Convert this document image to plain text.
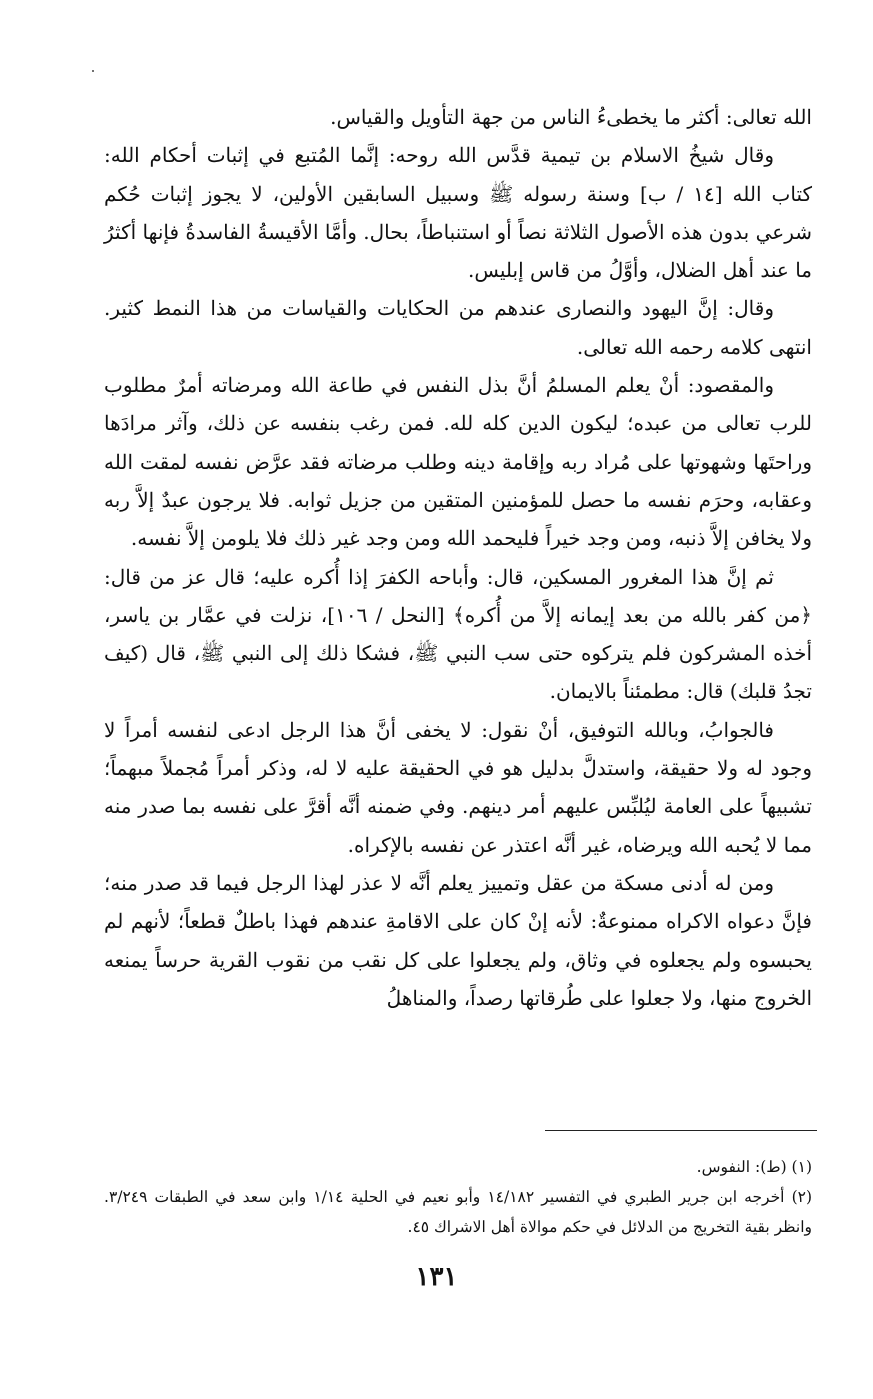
الله تعالى: أكثر ما يخطىءُ الناس من جهة التأويل والقياس.

وقال شيخُ الاسلام بن تيمية قدَّس الله روحه: إنَّما المُتبع في إثبات أحكام الله: كتاب الله [١٤ / ب] وسنة رسوله ﷺ وسبيل السابقين الأولين، لا يجوز إثبات حُكم شرعي بدون هذه الأصول الثلاثة نصاً أو استنباطاً، بحال. وأمَّا الأقيسةُ الفاسدةُ فإنها أكثرُ ما عند أهل الضلال، وأوَّلُ من قاس إبليس.

وقال: إنَّ اليهود والنصارى عندهم من الحكايات والقياسات من هذا النمط كثير. انتهى كلامه رحمه الله تعالى.

والمقصود: أنْ يعلم المسلمُ أنَّ بذل النفس في طاعة الله ومرضاته أمرٌ مطلوب للرب تعالى من عبده؛ ليكون الدين كله لله. فمن رغب بنفسه عن ذلك، وآثر مرادَها وراحتَها وشهوتها على مُراد ربه وإقامة دينه وطلب مرضاته فقد عرَّض نفسه لمقت الله وعقابه، وحرَم نفسه ما حصل للمؤمنين المتقين من جزيل ثوابه. فلا يرجون عبدٌ إلاَّ ربه ولا يخافن إلاَّ ذنبه، ومن وجد خيراً فليحمد الله ومن وجد غير ذلك فلا يلومن إلاَّ نفسه.

ثم إنَّ هذا المغرور المسكين، قال: وأباحه الكفرَ إذا أُكره عليه؛ قال عز من قال: ﴿من كفر بالله من بعد إيمانه إلاَّ من أُكره﴾ [النحل / ١٠٦]، نزلت في عمَّار بن ياسر، أخذه المشركون فلم يتركوه حتى سب النبي ﷺ، فشكا ذلك إلى النبي ﷺ، قال (كيف تجدُ قلبك) قال: مطمئناً بالايمان.

فالجوابُ، وبالله التوفيق، أنْ نقول: لا يخفى أنَّ هذا الرجل ادعى لنفسه أمراً لا وجود له ولا حقيقة، واستدلَّ بدليل هو في الحقيقة عليه لا له، وذكر أمراً مُجملاً مبهماً؛ تشبيهاً على العامة ليُلبِّس عليهم أمر دينهم. وفي ضمنه أنَّه أقرَّ على نفسه بما صدر منه مما لا يُحبه الله ويرضاه، غير أنَّه اعتذر عن نفسه بالإكراه.

ومن له أدنى مسكة من عقل وتمييز يعلم أنَّه لا عذر لهذا الرجل فيما قد صدر منه؛ فإنَّ دعواه الاكراه ممنوعةٌ: لأنه إنْ كان على الاقامةِ عندهم فهذا باطلٌ قطعاً؛ لأنهم لم يحبسوه ولم يجعلوه في وثاق، ولم يجعلوا على كل نقب من نقوب القرية حرساً يمنعه الخروج منها، ولا جعلوا على طُرقاتها رصداً، والمناهلُ

(١) (ط): النفوس.

(٢) أخرجه ابن جرير الطبري في التفسير ١٤/١٨٢ وأبو نعيم في الحلية ١/١٤ وابن سعد في الطبقات ٣/٢٤٩. وانظر بقية التخريج من الدلائل في حكم موالاة أهل الاشراك ٤٥.

١٣١
